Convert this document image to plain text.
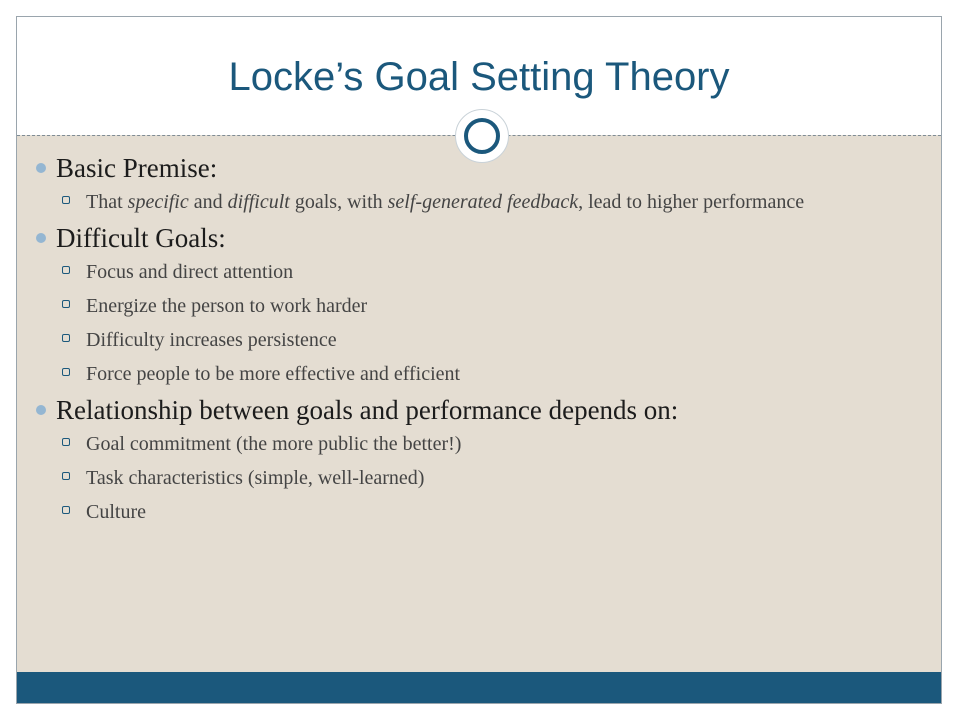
Locke’s Goal Setting Theory
Basic Premise:
That specific and difficult goals, with self-generated feedback, lead to higher performance
Difficult Goals:
Focus and direct attention
Energize the person to work harder
Difficulty increases persistence
Force people to be more effective and efficient
Relationship between goals and performance depends on:
Goal commitment (the more public the better!)
Task characteristics (simple, well-learned)
Culture
